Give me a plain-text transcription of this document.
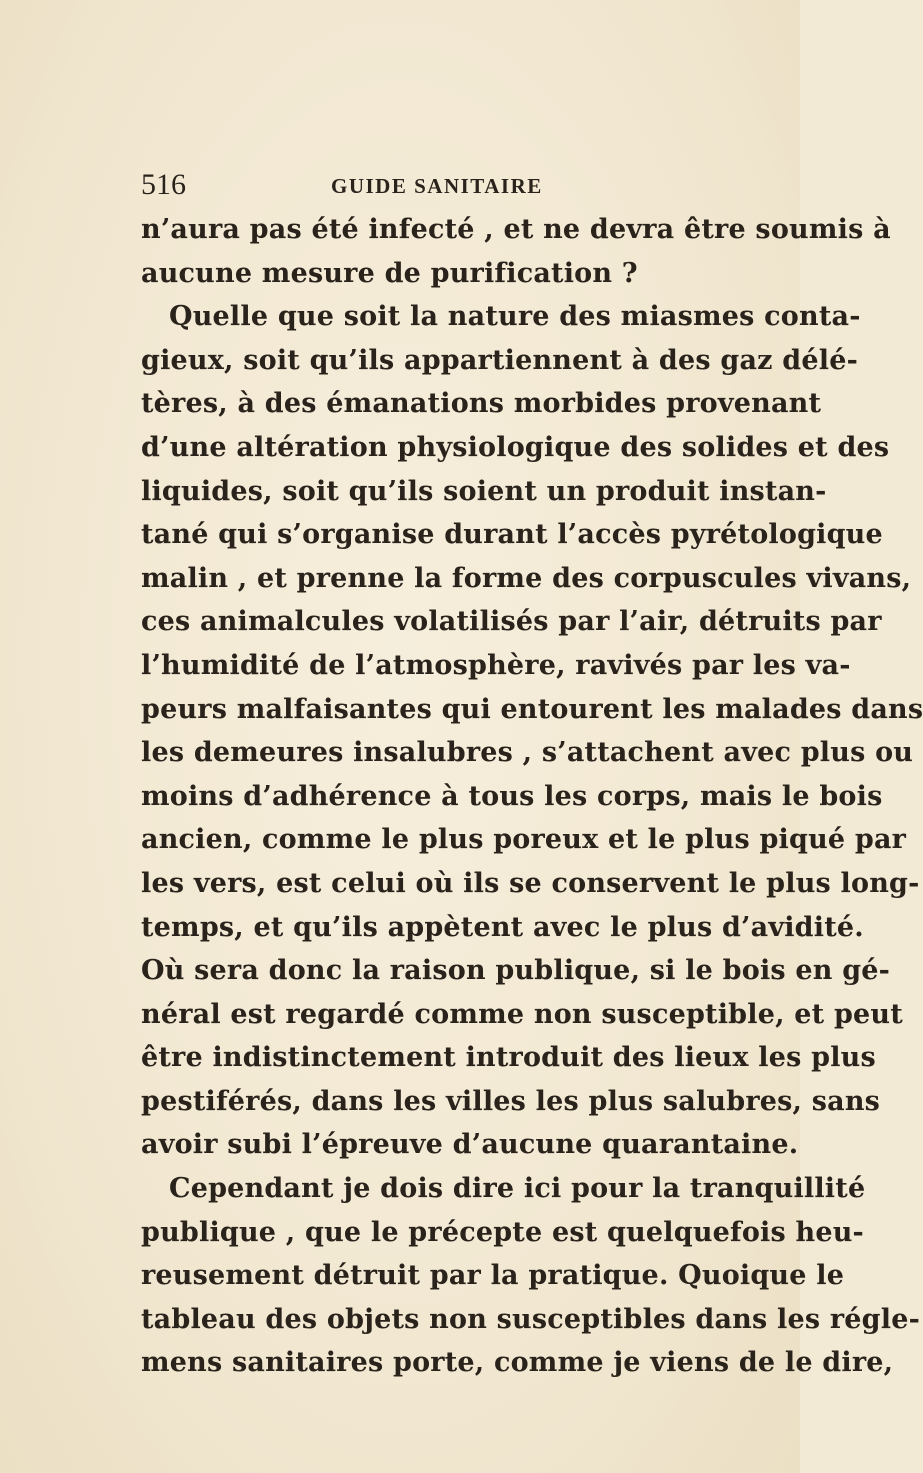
516	GUIDE SANITAIRE
n’aura pas été infecté , et ne devra être soumis à
aucune mesure de purification ?
Quelle que soit la nature des miasmes conta-
gieux, soit qu’ils appartiennent à des gaz délé-
tères, à des émanations morbides provenant
d’une altération physiologique des solides et des
liquides, soit qu’ils soient un produit instan-
tané qui s’organise durant l’accès pyrétologique
malin , et prenne la forme des corpuscules vivans,
ces animalcules volatilisés par l’air, détruits par
l’humidité de l’atmosphère, ravivés par les va-
peurs malfaisantes qui entourent les malades dans
les demeures insalubres , s’attachent avec plus ou
moins d’adhérence à tous les corps, mais le bois
ancien, comme le plus poreux et le plus piqué par
les vers, est celui où ils se conservent le plus long-
temps, et qu’ils appètent avec le plus d’avidité.
Où sera donc la raison publique, si le bois en gé-
néral est regardé comme non susceptible, et peut
être indistinctement introduit des lieux les plus
pestiférés, dans les villes les plus salubres, sans
avoir subi l’épreuve d’aucune quarantaine.
Cependant je dois dire ici pour la tranquillité
publique , que le précepte est quelquefois heu-
reusement détruit par la pratique. Quoique le
tableau des objets non susceptibles dans les régle-
mens sanitaires porte, comme je viens de le dire,
